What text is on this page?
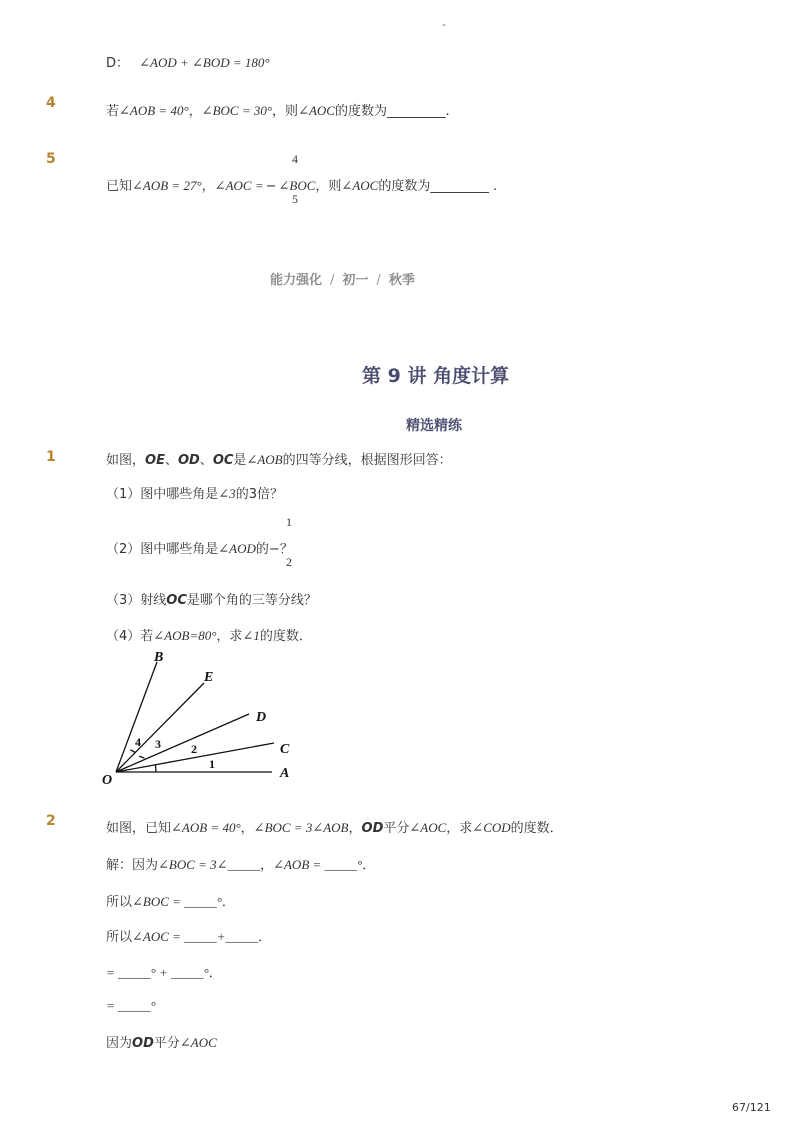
-
D： ∠AOD + ∠BOD = 180°
4
若∠AOB = 40°，∠BOC = 30°，则∠AOC的度数为_________.
5	4
5
已知∠AOB = 27°，∠AOC = − ∠BOC，则∠AOC的度数为_________ .
能力强化 / 初一 / 秋季
第 9 讲 角度计算
精选精练
1	如图，OE、OD、OC是∠AOB的四等分线，根据图形回答：
（1）图中哪些角是∠3的3倍？
1
2
（2）图中哪些角是∠AOD的−？
（3）射线OC是哪个角的三等分线？
（4）若∠AOB=80°，求∠1的度数．
O	A
C
D
E
B
1
2
3
4
2	如图，已知∠AOB = 40°，∠BOC = 3∠AOB，OD平分∠AOC，求∠COD的度数．
解：因为∠BOC = 3∠_____，∠AOB = _____°．
所以∠BOC = _____°．
所以∠AOC = _____+_____．
= _____° + _____°．
= _____°
因为OD平分∠AOC
67/121
